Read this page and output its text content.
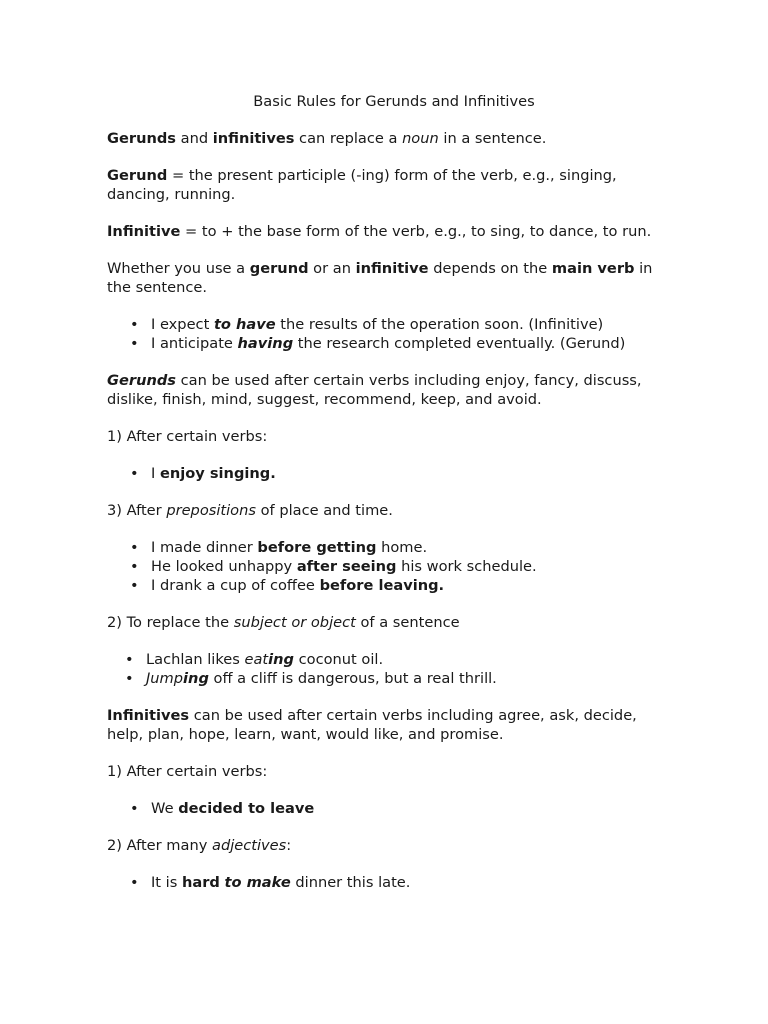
Basic Rules for Gerunds and Infinitives

Gerunds and infinitives can replace a noun in a sentence.

Gerund = the present participle (-ing) form of the verb, e.g., singing, dancing, running.

Infinitive = to + the base form of the verb, e.g., to sing, to dance, to run.

Whether you use a gerund or an infinitive depends on the main verb in the sentence.

• I expect to have the results of the operation soon. (Infinitive)
• I anticipate having the research completed eventually. (Gerund)

Gerunds can be used after certain verbs including enjoy, fancy, discuss, dislike, finish, mind, suggest, recommend, keep, and avoid.

1) After certain verbs:

• I enjoy singing.

3) After prepositions of place and time.

• I made dinner before getting home.
• He looked unhappy after seeing his work schedule.
• I drank a cup of coffee before leaving.

2) To replace the subject or object of a sentence

• Lachlan likes eating coconut oil.
• Jumping off a cliff is dangerous, but a real thrill.

Infinitives can be used after certain verbs including agree, ask, decide, help, plan, hope, learn, want, would like, and promise.

1) After certain verbs:

• We decided to leave

2) After many adjectives:

• It is hard to make dinner this late.
